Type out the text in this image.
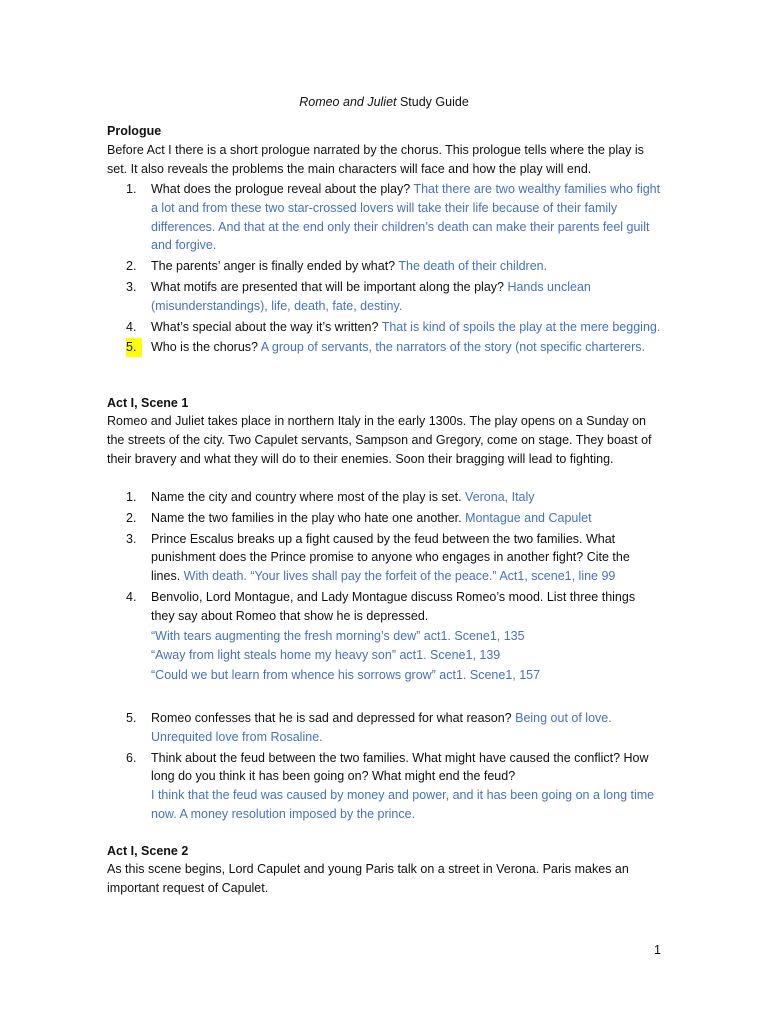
Romeo and Juliet Study Guide
Prologue
Before Act I there is a short prologue narrated by the chorus. This prologue tells where the play is set. It also reveals the problems the main characters will face and how the play will end.
1. What does the prologue reveal about the play? That there are two wealthy families who fight a lot and from these two star-crossed lovers will take their life because of their family differences. And that at the end only their children’s death can make their parents feel guilt and forgive.
2. The parents’ anger is finally ended by what? The death of their children.
3. What motifs are presented that will be important along the play? Hands unclean (misunderstandings), life, death, fate, destiny.
4. What’s special about the way it’s written? That is kind of spoils the play at the mere begging.
5.	Who is the chorus? A group of servants, the narrators of the story (not specific charterers.
Act I, Scene 1
Romeo and Juliet takes place in northern Italy in the early 1300s. The play opens on a Sunday on the streets of the city. Two Capulet servants, Sampson and Gregory, come on stage. They boast of their bravery and what they will do to their enemies. Soon their bragging will lead to fighting.
1. Name the city and country where most of the play is set. Verona, Italy
2. Name the two families in the play who hate one another. Montague and Capulet
3. Prince Escalus breaks up a fight caused by the feud between the two families. What punishment does the Prince promise to anyone who engages in another fight? Cite the lines. With death. “Your lives shall pay the forfeit of the peace.” Act1, scene1, line 99
4. Benvolio, Lord Montague, and Lady Montague discuss Romeo’s mood. List three things they say about Romeo that show he is depressed.
“With tears augmenting the fresh morning’s dew” act1. Scene1, 135
“Away from light steals home my heavy son” act1. Scene1, 139
“Could we but learn from whence his sorrows grow” act1. Scene1, 157
5. Romeo confesses that he is sad and depressed for what reason? Being out of love. Unrequited love from Rosaline.
6. Think about the feud between the two families. What might have caused the conflict? How long do you think it has been going on? What might end the feud?
I think that the feud was caused by money and power, and it has been going on a long time now. A money resolution imposed by the prince.
Act I, Scene 2
As this scene begins, Lord Capulet and young Paris talk on a street in Verona. Paris makes an important request of Capulet.
1
